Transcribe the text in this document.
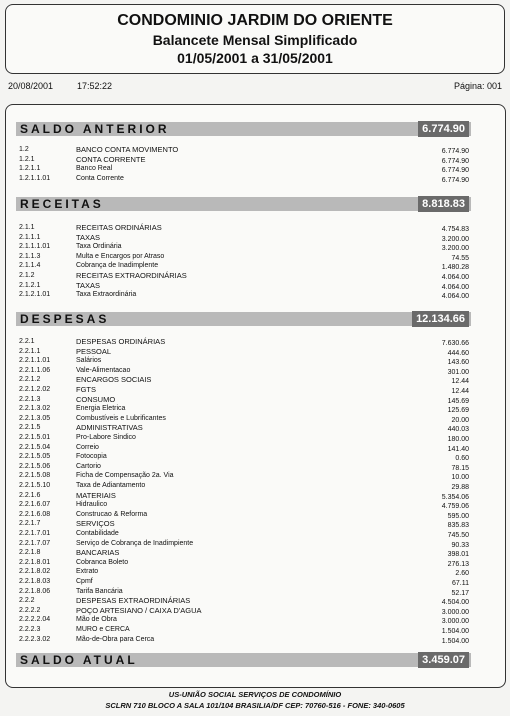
CONDOMINIO JARDIM DO ORIENTE
Balancete Mensal Simplificado
01/05/2001 a 31/05/2001
20/08/2001	17:52:22	Página: 001
SALDO ANTERIOR	6.774.90
1.2	BANCO CONTA MOVIMENTO	6.774.90
1.2.1	CONTA CORRENTE	6.774.90
1.2.1.1	Banco Real	6.774.90
1.2.1.1.01	Conta Corrente	6.774.90
RECEITAS	8.818.83
2.1.1	RECEITAS ORDINÁRIAS	4.754.83
2.1.1.1	TAXAS	3.200.00
2.1.1.1.01	Taxa Ordinária	3.200.00
2.1.1.3	Multa e Encargos por Atraso	74.55
2.1.1.4	Cobrança de Inadimplente	1.480.28
2.1.2	RECEITAS EXTRAORDINÁRIAS	4.064.00
2.1.2.1	TAXAS	4.064.00
2.1.2.1.01	Taxa Extraordinária	4.064.00
DESPESAS	12.134.66
2.2.1	DESPESAS ORDINÁRIAS	7.630.66
2.2.1.1	PESSOAL	444.60
2.2.1.1.01	Salários	143.60
2.2.1.1.06	Vale-Alimentacao	301.00
2.2.1.2	ENCARGOS SOCIAIS	12.44
2.2.1.2.02	FGTS	12.44
2.2.1.3	CONSUMO	145.69
2.2.1.3.02	Energia Eletrica	125.69
2.2.1.3.05	Combustíveis e Lubrificantes	20.00
2.2.1.5	ADMINISTRATIVAS	440.03
2.2.1.5.01	Pro-Labore Sindico	180.00
2.2.1.5.04	Correio	141.40
2.2.1.5.05	Fotocopia	0.60
2.2.1.5.06	Cartorio	78.15
2.2.1.5.08	Ficha de Compensação 2a. Via	10.00
2.2.1.5.10	Taxa de Adiantamento	29.88
2.2.1.6	MATERIAIS	5.354.06
2.2.1.6.07	Hidraulico	4.759.06
2.2.1.6.08	Construcao & Reforma	595.00
2.2.1.7	SERVIÇOS	835.83
2.2.1.7.01	Contabilidade	745.50
2.2.1.7.07	Serviço de Cobrança de Inadimpiente	90.33
2.2.1.8	BANCARIAS	398.01
2.2.1.8.01	Cobranca Boleto	276.13
2.2.1.8.02	Extrato	2.60
2.2.1.8.03	Cpmf	67.11
2.2.1.8.06	Tarifa Bancária	52.17
2.2.2	DESPESAS EXTRAORDINÁRIAS	4.504.00
2.2.2.2	POÇO ARTESIANO / CAIXA D'AGUA	3.000.00
2.2.2.2.04	Mão de Obra	3.000.00
2.2.2.3	MURO e CERCA	1.504.00
2.2.2.3.02	Mão-de-Obra para Cerca	1.504.00
SALDO ATUAL	3.459.07
US-UNIÃO SOCIAL SERVIÇOS DE CONDOMÍNIO
SCLRN 710 BLOCO A SALA 101/104 BRASILIA/DF CEP: 70760-516 - FONE: 340-0605
